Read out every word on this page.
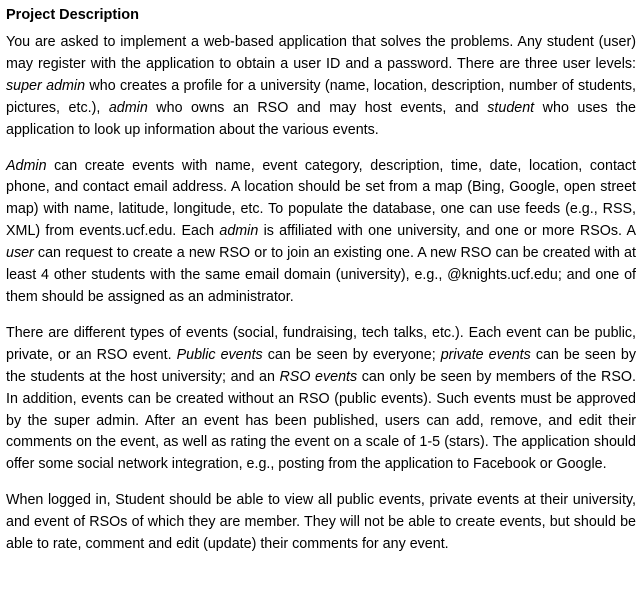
Project Description

You are asked to implement a web-based application that solves the problems. Any student (user) may register with the application to obtain a user ID and a password. There are three user levels: super admin who creates a profile for a university (name, location, description, number of students, pictures, etc.), admin who owns an RSO and may host events, and student who uses the application to look up information about the various events.

Admin can create events with name, event category, description, time, date, location, contact phone, and contact email address. A location should be set from a map (Bing, Google, open street map) with name, latitude, longitude, etc. To populate the database, one can use feeds (e.g., RSS, XML) from events.ucf.edu. Each admin is affiliated with one university, and one or more RSOs. A user can request to create a new RSO or to join an existing one. A new RSO can be created with at least 4 other students with the same email domain (university), e.g., @knights.ucf.edu; and one of them should be assigned as an administrator.

There are different types of events (social, fundraising, tech talks, etc.). Each event can be public, private, or an RSO event. Public events can be seen by everyone; private events can be seen by the students at the host university; and an RSO events can only be seen by members of the RSO. In addition, events can be created without an RSO (public events). Such events must be approved by the super admin. After an event has been published, users can add, remove, and edit their comments on the event, as well as rating the event on a scale of 1-5 (stars). The application should offer some social network integration, e.g., posting from the application to Facebook or Google.

When logged in, Student should be able to view all public events, private events at their university, and event of RSOs of which they are member. They will not be able to create events, but should be able to rate, comment and edit (update) their comments for any event.
